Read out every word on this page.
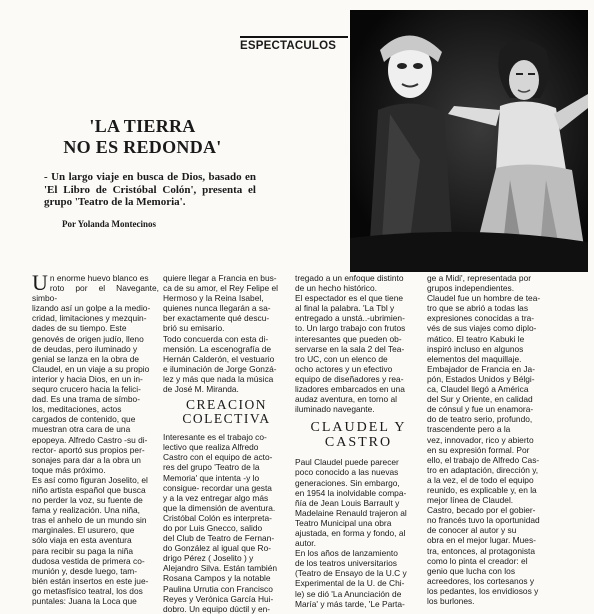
ESPECTACULOS
'LA TIERRA
NO ES REDONDA'
- Un largo viaje en busca de Dios, basado en 'El Libro de Cristóbal Colón', presenta el grupo 'Teatro de la Memoria'.
Por Yolanda Montecinos

Un enorme huevo blanco es
roto por el Navegante, simbo-
lizando así un golpe a la medio-
cridad, limitaciones y mezquin-
dades de su tiempo. Este
genovés de origen judío, lleno
de deudas, pero iluminado y
genial se lanza en la obra de
Claudel, en un viaje a su propio
interior y hacia Dios, en un in-
sequro crucero hacia la felici-
dad. Es una trama de símbo-
los, meditaciones, actos
cargados de contenido, que
muestran otra cara de una
epopeya. Alfredo Castro -su di-
rector- aportó sus propios per-
sonajes para dar a la obra un
toque más próximo.

Es así como figuran Joselito, el
niño artista español que busca
no perder la voz, su fuente de
fama y realización. Una niña,
tras el anhelo de un mundo sin
marginales. El usurero, que
sólo viaja en esta aventura
para recibir su paga la niña
dudosa vestida de primera co-
munión y, desde luego, tam-
bién están insertos en este jue-
go metasfísico teatral, los dos
puntales: Juana la Loca que

quiere llegar a Francia en bus-
ca de su amor, el Rey Felipe el
Hermoso y la Reina Isabel,
quienes nunca llegarán a sa-
ber exactamente qué descu-
brió su emisario.

Todo concuerda con esta di-
mensión. La escenografía de
Hernán Calderón, el vestuario
e iluminación de Jorge Gonzá-
lez y más que nada la música
de José M. Miranda.

CREACION
COLECTIVA

Interesante es el trabajo co-
lectivo que realiza Alfredo
Castro con el equipo de acto-
res del grupo 'Teatro de la
Memoria' que intenta -y lo
consigue- recordar una gesta
y a la vez entregar algo más
que la dimensión de aventura.
Cristóbal Colón es interpreta-
do por Luis Gnecco, salido
del Club de Teatro de Fernan-
do González al igual que Ro-
drigo Pérez ( Joselito ) y
Alejandro Silva. Están también
Rosana Campos y la notable
Paulina Urrutia con Francisco
Reyes y Verónica García Hui-
dobro. Un equipo dúctil y en-

tregado a un enfoque distinto
de un hecho histórico.

El espectador es el que tiene
al final la palabra. 'La Tbl y
entregado a unstá..-ubrimien-
to. Un largo trabajo con frutos
interesantes que pueden ob-
servarse en la sala 2 del Tea-
tro UC, con un elenco de
ocho actores y un efectivo
equipo de diseñadores y rea-
lizadores embarcados en una
audaz aventura, en torno al
iluminado navegante.

CLAUDEL Y
CASTRO

Paul Claudel puede parecer
poco conocido a las nuevas
generaciones. Sin embargo,
en 1954 la inolvidable compa-
ñía de Jean Louis Barrault y
Madelaine Renauld trajeron al
Teatro Municipal una obra
ajustada, en forma y fondo, al
autor.

En los años de lanzamiento
de los teatros universitarios
(Teatro de Ensayo de la U.C y
Experimental de la U. de Chi-
le) se dió 'La Anunciación de
María' y más tarde, 'Le Parta-

ge a Midi', representada por
grupos independientes.

Claudel fue un hombre de tea-
tro que se abrió a todas las
expresiones conocidas a tra-
vés de sus viajes como diplo-
mático. El teatro Kabuki le
inspiró incluso en algunos
elementos del maquillaje.
Embajador de Francia en Ja-
pón, Estados Unidos y Bélgi-
ca, Claudel llegó a América
del Sur y Oriente, en calidad
de cónsul y fue un enamora-
do de teatro serio, profundo,
trascendente pero a la
vez, innovador, rico y abierto
en su expresión formal. Por
ello, el trabajo de Alfredo Cas-
tro en adaptación, dirección y,
a la vez, el de todo el equipo
reunido, es explicable y, en la
mejor línea de Claudel.

Castro, becado por el gobier-
no francés tuvo la oportunidad
de conocer al autor y su
obra en el mejor lugar. Mues-
tra, entonces, al protagonista
como lo pinta el creador: el
genio que lucha con los
acreedores, los cortesanos y
los pedantes, los envidiosos y
los burlones.
